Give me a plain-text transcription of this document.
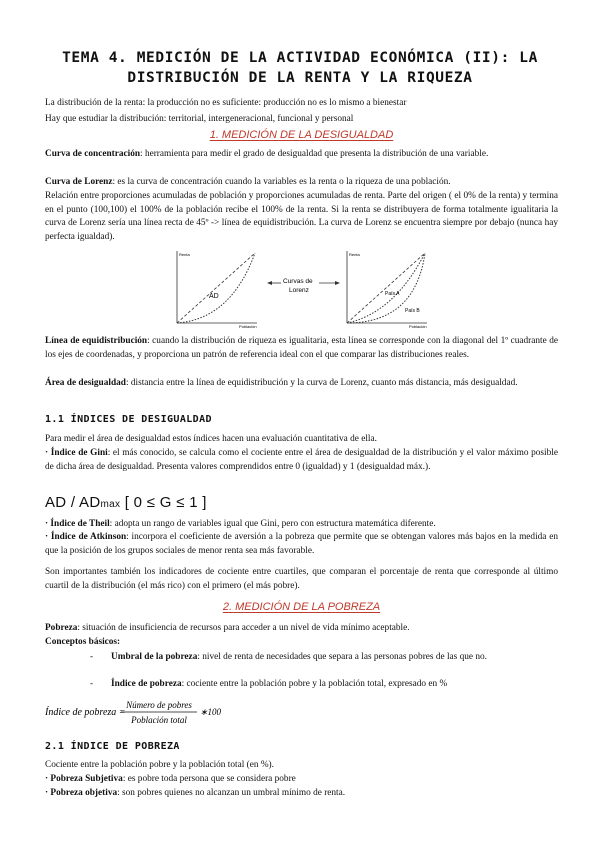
TEMA 4. MEDICIÓN DE LA ACTIVIDAD ECONÓMICA (II): LA
DISTRIBUCIÓN DE LA RENTA Y LA RIQUEZA
La distribución de la renta: la producción no es suficiente: producción no es lo mismo a bienestar
Hay que estudiar la distribución: territorial, intergeneracional, funcional y personal
1. MEDICIÓN DE LA DESIGUALDAD
Curva de concentración: herramienta para medir el grado de desigualdad que presenta la distribución de una variable.
Curva de Lorenz: es la curva de concentración cuando la variables es la renta o la riqueza de una población.
Relación entre proporciones acumuladas de población y proporciones acumuladas de renta. Parte del origen ( el 0% de la renta) y termina en el punto (100,100) el 100% de la población recibe el 100% de la renta. Si la renta se distribuyera de forma totalmente igualitaria la curva de Lorenz sería una línea recta de 45º -> línea de equidistribución. La curva de Lorenz se encuentra siempre por debajo (nunca hay perfecta igualdad).
Renta
Población
AD
Curvas de
Lorenz
Renta
Población
País A
País B
Línea de equidistribución: cuando la distribución de riqueza es igualitaria, esta línea se corresponde con la diagonal del 1º cuadrante de los ejes de coordenadas, y proporciona un patrón de referencia ideal con el que comparar las distribuciones reales.
Área de desigualdad: distancia entre la línea de equidistribución y la curva de Lorenz, cuanto más distancia, más desigualdad.
1.1 ÍNDICES DE DESIGUALDAD
Para medir el área de desigualdad estos índices hacen una evaluación cuantitativa de ella.
· Índice de Gini: el más conocido, se calcula como el cociente entre el área de desigualdad de la distribución y el valor máximo posible de dicha área de desigualdad. Presenta valores comprendidos entre 0 (igualdad) y 1 (desigualdad máx.).
AD / ADmax [ 0 ≤ G ≤ 1 ]
· Índice de Theil: adopta un rango de variables igual que Gini, pero con estructura matemática diferente.
· Índice de Atkinson: incorpora el coeficiente de aversión a la pobreza que permite que se obtengan valores más bajos en la medida en que la posición de los grupos sociales de menor renta sea más favorable.
Son importantes también los indicadores de cociente entre cuartiles, que comparan el porcentaje de renta que corresponde al último cuartil de la distribución (el más rico) con el primero (el más pobre).
2. MEDICIÓN DE LA POBREZA
Pobreza: situación de insuficiencia de recursos para acceder a un nivel de vida mínimo aceptable.
Conceptos básicos:
- Umbral de la pobreza: nivel de renta de necesidades que separa a las personas pobres de las que no.
- Índice de pobreza: cociente entre la población pobre y la población total, expresado en %
Índice de pobreza =
Número de pobres
Población total
∗100
2.1 ÍNDICE DE POBREZA
Cociente entre la población pobre y la población total (en %).
· Pobreza Subjetiva: es pobre toda persona que se considera pobre
· Pobreza objetiva: son pobres quienes no alcanzan un umbral mínimo de renta.
